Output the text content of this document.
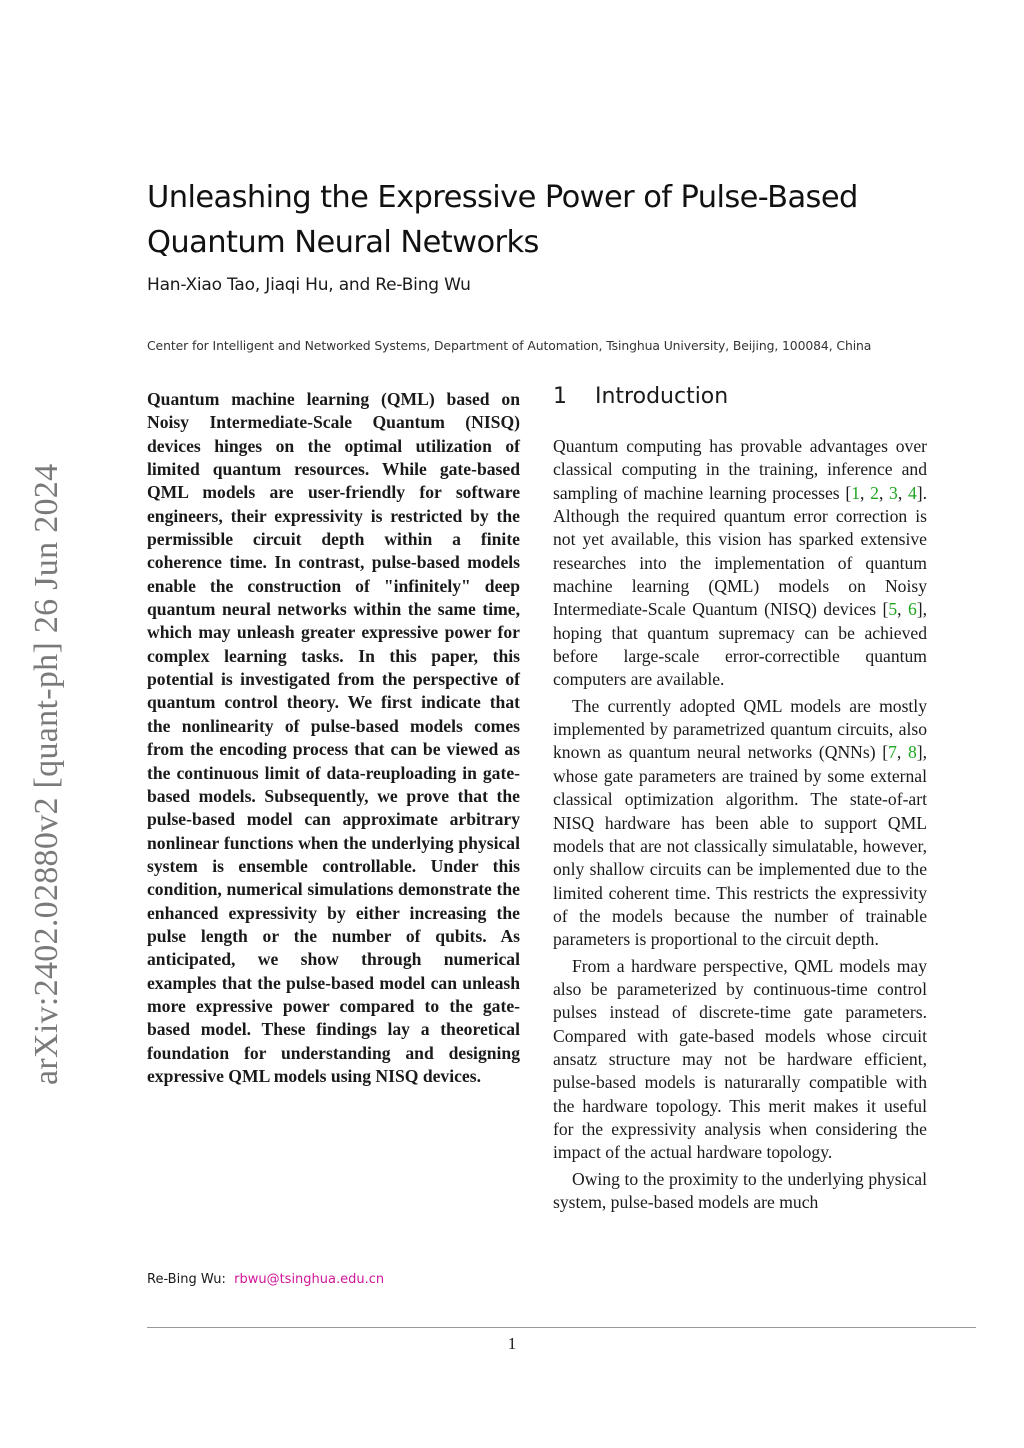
arXiv:2402.02880v2 [quant-ph] 26 Jun 2024
Unleashing the Expressive Power of Pulse-Based Quantum Neural Networks
Han-Xiao Tao, Jiaqi Hu, and Re-Bing Wu
Center for Intelligent and Networked Systems, Department of Automation, Tsinghua University, Beijing, 100084, China

Quantum machine learning (QML) based on Noisy Intermediate-Scale Quantum (NISQ) devices hinges on the optimal utilization of limited quantum resources. While gate-based QML models are user-friendly for software engineers, their expressivity is restricted by the permissible circuit depth within a finite coherence time. In contrast, pulse-based models enable the construction of "infinitely" deep quantum neural networks within the same time, which may unleash greater expressive power for complex learning tasks. In this paper, this potential is investigated from the perspective of quantum control theory. We first indicate that the nonlinearity of pulse-based models comes from the encoding process that can be viewed as the continuous limit of data-reuploading in gate-based models. Subsequently, we prove that the pulse-based model can approximate arbitrary nonlinear functions when the underlying physical system is ensemble controllable. Under this condition, numerical simulations demonstrate the enhanced expressivity by either increasing the pulse length or the number of qubits. As anticipated, we show through numerical examples that the pulse-based model can unleash more expressive power compared to the gate-based model. These findings lay a theoretical foundation for understanding and designing expressive QML models using NISQ devices.

1 Introduction

Quantum computing has provable advantages over classical computing in the training, inference and sampling of machine learning processes [1, 2, 3, 4]. Although the required quantum error correction is not yet available, this vision has sparked extensive researches into the implementation of quantum machine learning (QML) models on Noisy Intermediate-Scale Quantum (NISQ) devices [5, 6], hoping that quantum supremacy can be achieved before large-scale error-correctible quantum computers are available.

The currently adopted QML models are mostly implemented by parametrized quantum circuits, also known as quantum neural networks (QNNs) [7, 8], whose gate parameters are trained by some external classical optimization algorithm. The state-of-art NISQ hardware has been able to support QML models that are not classically simulatable, however, only shallow circuits can be implemented due to the limited coherent time. This restricts the expressivity of the models because the number of trainable parameters is proportional to the circuit depth.

From a hardware perspective, QML models may also be parameterized by continuous-time control pulses instead of discrete-time gate parameters. Compared with gate-based models whose circuit ansatz structure may not be hardware efficient, pulse-based models is naturarally compatible with the hardware topology. This merit makes it useful for the expressivity analysis when considering the impact of the actual hardware topology.

Owing to the proximity to the underlying physical system, pulse-based models are much

Re-Bing Wu: rbwu@tsinghua.edu.cn
1
